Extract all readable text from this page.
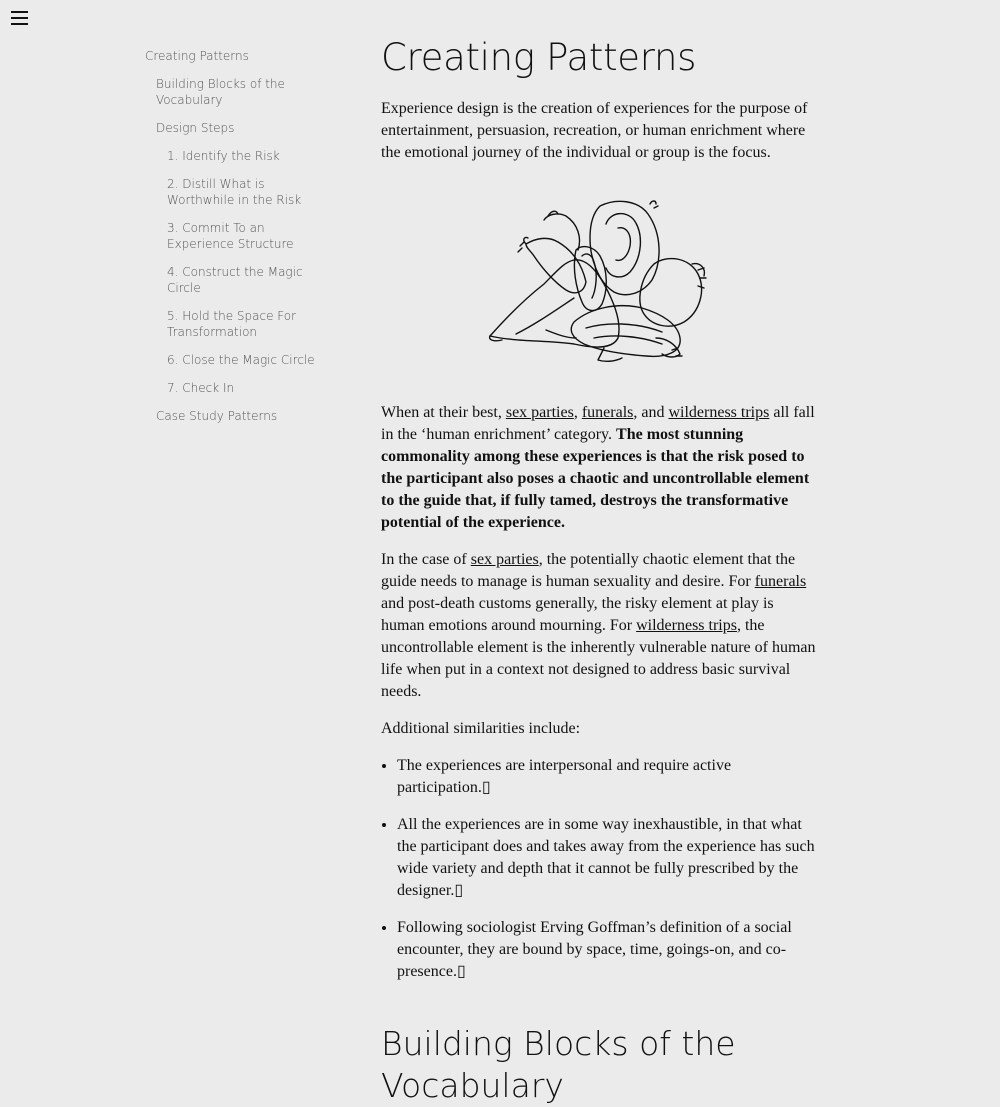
Creating Patterns
Building Blocks of the Vocabulary
Design Steps
1. Identify the Risk
2. Distill What is Worthwhile in the Risk
3. Commit To an Experience Structure
4. Construct the Magic Circle
5. Hold the Space For Transformation
6. Close the Magic Circle
7. Check In
Case Study Patterns
Creating Patterns

Experience design is the creation of experiences for the purpose of entertainment, persuasion, recreation, or human enrichment where the emotional journey of the individual or group is the focus.

When at their best, sex parties, funerals, and wilderness trips all fall in the ‘human enrichment’ category. The most stunning commonality among these experiences is that the risk posed to the participant also poses a chaotic and uncontrollable element to the guide that, if fully tamed, destroys the transformative potential of the experience.

In the case of sex parties, the potentially chaotic element that the guide needs to manage is human sexuality and desire. For funerals and post-death customs generally, the risky element at play is human emotions around mourning. For wilderness trips, the uncontrollable element is the inherently vulnerable nature of human life when put in a context not designed to address basic survival needs.

Additional similarities include:

• The experiences are interpersonal and require active participation.▯
• All the experiences are in some way inexhaustible, in that what the participant does and takes away from the experience has such wide variety and depth that it cannot be fully prescribed by the designer.▯
• Following sociologist Erving Goffman’s definition of a social encounter, they are bound by space, time, goings-on, and co-presence.▯
Building Blocks of the Vocabulary
